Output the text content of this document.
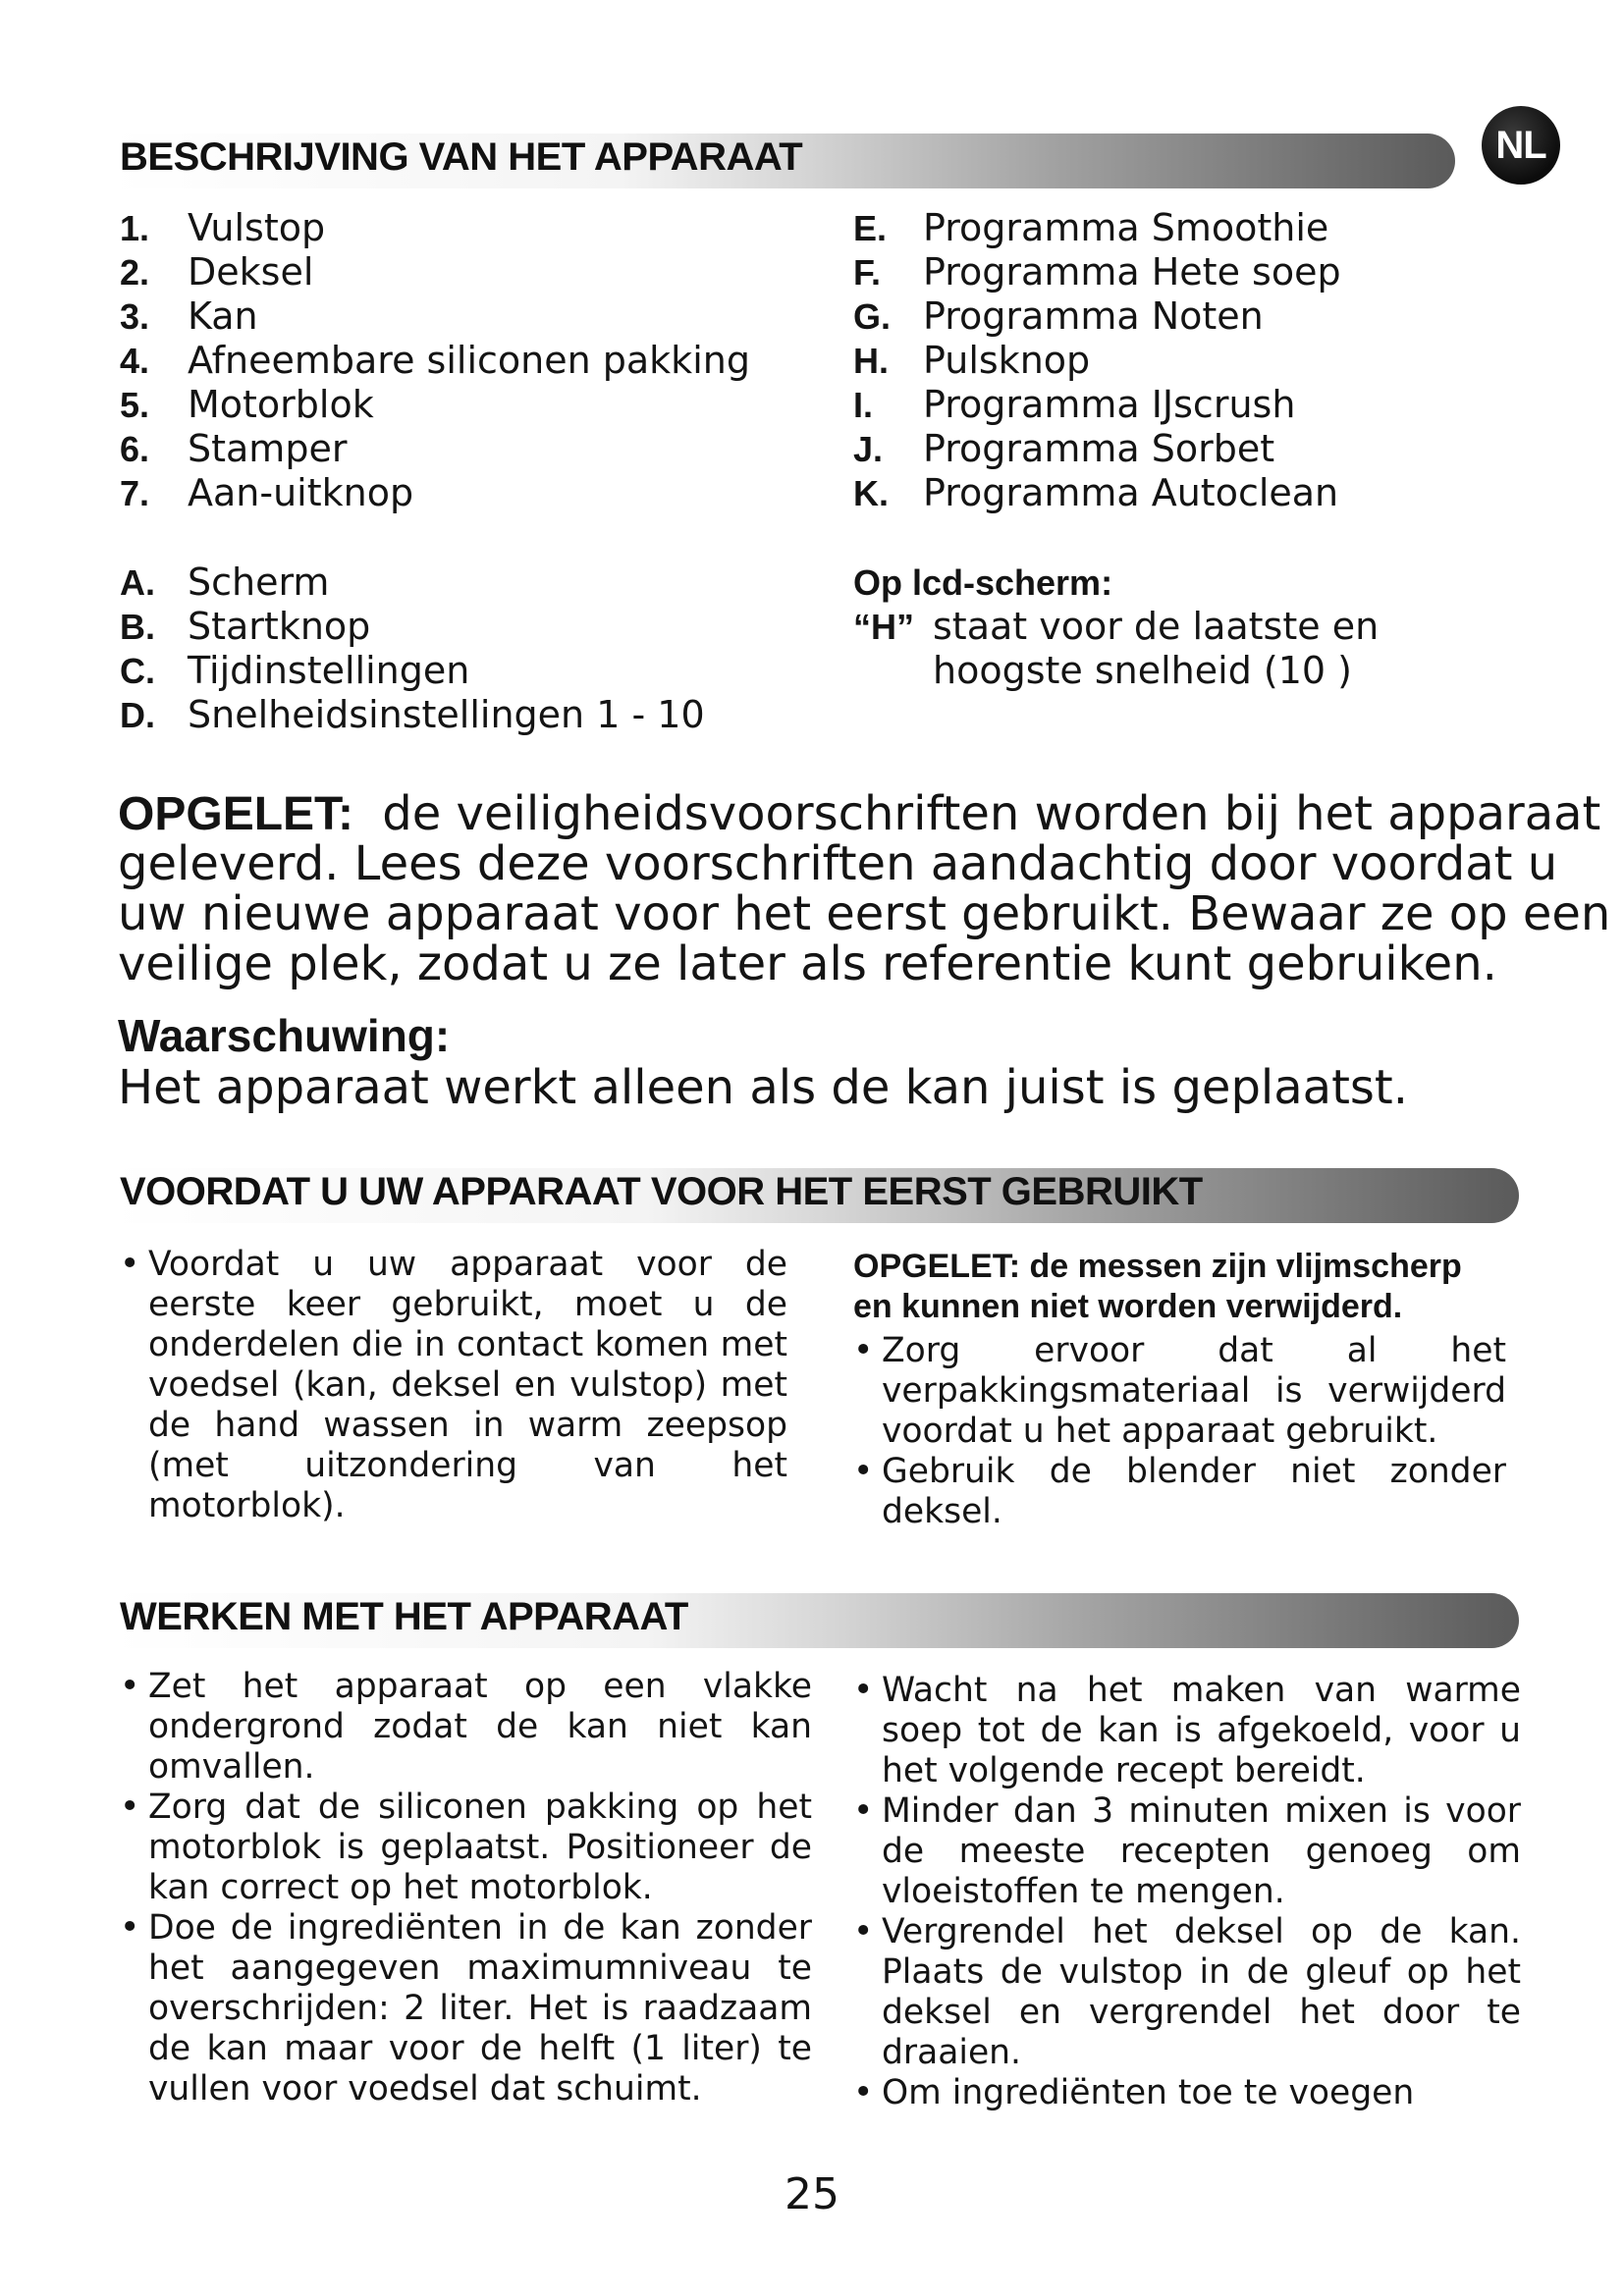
NL
BESCHRIJVING VAN HET APPARAAT
1. Vulstop
2. Deksel
3. Kan
4. Afneembare siliconen pakking
5. Motorblok
6. Stamper
7. Aan-uitknop
E. Programma Smoothie
F. Programma Hete soep
G. Programma Noten
H. Pulsknop
I. Programma IJscrush
J. Programma Sorbet
K. Programma Autoclean
A. Scherm
B. Startknop
C. Tijdinstellingen
D. Snelheidsinstellingen 1 - 10
Op lcd-scherm:
“H” staat voor de laatste en
hoogste snelheid (10 )
OPGELET: de veiligheidsvoorschriften worden bij het apparaat
geleverd. Lees deze voorschriften aandachtig door voordat u
uw nieuwe apparaat voor het eerst gebruikt. Bewaar ze op een
veilige plek, zodat u ze later als referentie kunt gebruiken.
Waarschuwing:
Het apparaat werkt alleen als de kan juist is geplaatst.
VOORDAT U UW APPARAAT VOOR HET EERST GEBRUIKT
• Voordat u uw apparaat voor de eerste keer gebruikt, moet u de onderdelen die in contact komen met voedsel (kan, deksel en vulstop) met de hand wassen in warm zeepsop (met uitzondering van het motorblok).
OPGELET: de messen zijn vlijmscherp
en kunnen niet worden verwijderd.
• Zorg ervoor dat al het verpakkingsmateriaal is verwijderd voordat u het apparaat gebruikt.
• Gebruik de blender niet zonder deksel.
WERKEN MET HET APPARAAT
• Zet het apparaat op een vlakke ondergrond zodat de kan niet kan omvallen.
• Zorg dat de siliconen pakking op het motorblok is geplaatst. Positioneer de kan correct op het motorblok.
• Doe de ingrediënten in de kan zonder het aangegeven maximumniveau te overschrijden: 2 liter. Het is raadzaam de kan maar voor de helft (1 liter) te vullen voor voedsel dat schuimt.
• Wacht na het maken van warme soep tot de kan is afgekoeld, voor u het volgende recept bereidt.
• Minder dan 3 minuten mixen is voor de meeste recepten genoeg om vloeistoffen te mengen.
• Vergrendel het deksel op de kan. Plaats de vulstop in de gleuf op het deksel en vergrendel het door te draaien.
• Om ingrediënten toe te voegen
25
